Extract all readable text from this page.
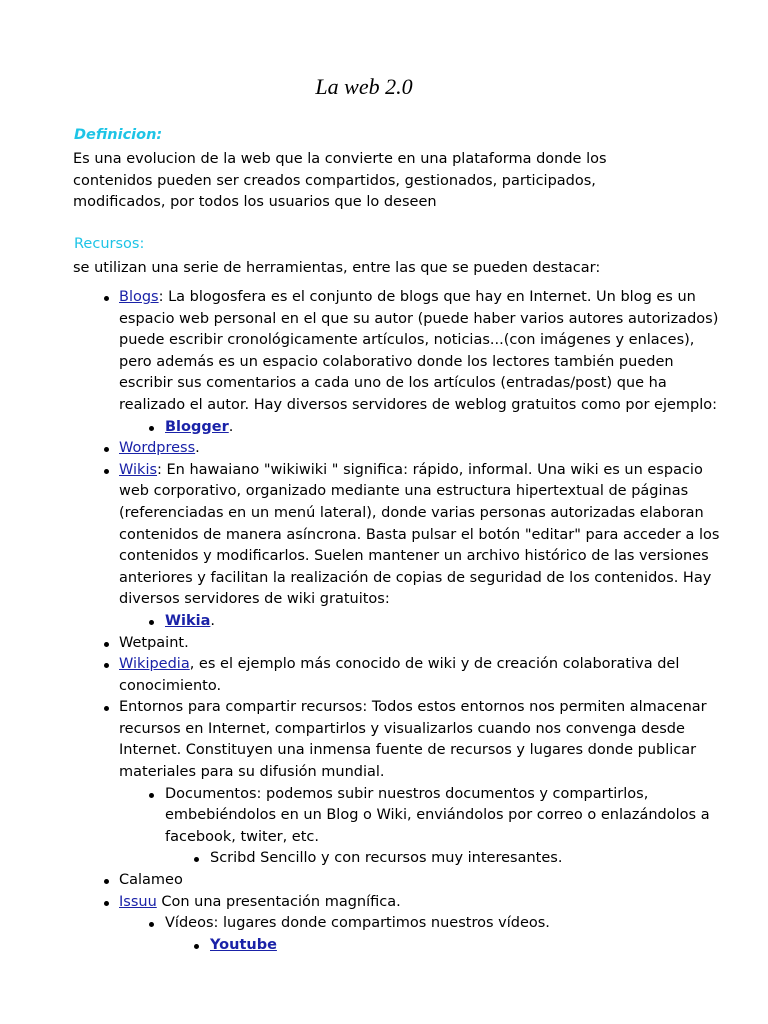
La web 2.0
Definicion:

Es una evolucion de la web que la convierte en una plataforma donde los contenidos pueden ser creados compartidos, gestionados, participados, modificados, por todos los usuarios que lo deseen

Recursos:

se utilizan una serie de herramientas, entre las que se pueden destacar:

Blogs: La blogosfera es el conjunto de blogs que hay en Internet. Un blog es un espacio web personal en el que su autor (puede haber varios autores autorizados) puede escribir cronológicamente artículos, noticias...(con imágenes y enlaces), pero además es un espacio colaborativo donde los lectores también pueden escribir sus comentarios a cada uno de los artículos (entradas/post) que ha realizado el autor. Hay diversos servidores de weblog gratuitos como por ejemplo:
Blogger.
Wordpress.
Wikis: En hawaiano "wikiwiki " significa: rápido, informal. Una wiki es un espacio web corporativo, organizado mediante una estructura hipertextual de páginas (referenciadas en un menú lateral), donde varias personas autorizadas elaboran contenidos de manera asíncrona. Basta pulsar el botón "editar" para acceder a los contenidos y modificarlos. Suelen mantener un archivo histórico de las versiones anteriores y facilitan la realización de copias de seguridad de los contenidos. Hay diversos servidores de wiki gratuitos:
Wikia.
Wetpaint.
Wikipedia, es el ejemplo más conocido de wiki y de creación colaborativa del conocimiento.
Entornos para compartir recursos: Todos estos entornos nos permiten almacenar recursos en Internet, compartirlos y visualizarlos cuando nos convenga desde Internet. Constituyen una inmensa fuente de recursos y lugares donde publicar materiales para su difusión mundial.
Documentos: podemos subir nuestros documentos y compartirlos, embebiéndolos en un Blog o Wiki, enviándolos por correo o enlazándolos a facebook, twiter, etc.
Scribd Sencillo y con recursos muy interesantes.
Calameo
Issuu Con una presentación magnífica.
Vídeos: lugares donde compartimos nuestros vídeos.
Youtube
